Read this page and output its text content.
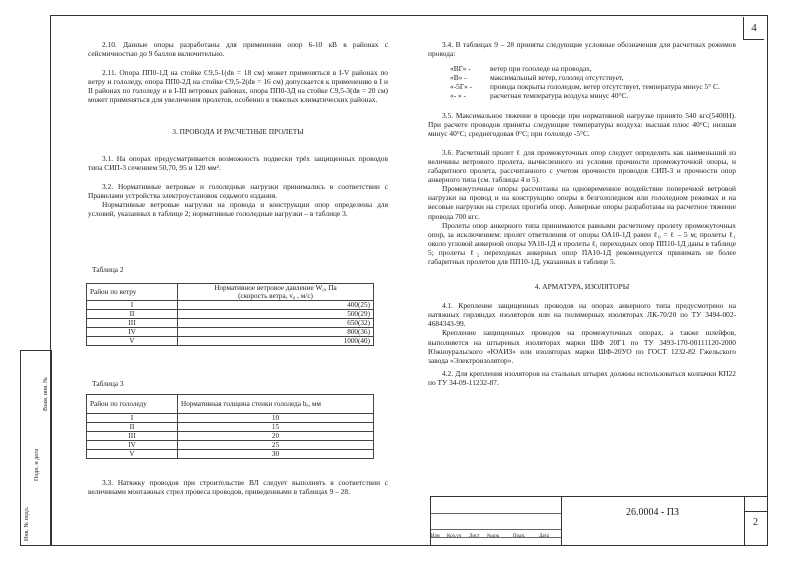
4
Инв. № подл.
Подп. и дата
Взам. инв. №

2.10. Данные опоры разработаны для применения опор 6-10 кВ в районах с сейсмичностью до 9 баллов включительно.

2.11. Опора ПП0-1Д на стойке С9,5-1(dв = 18 см) может применяться в I-V районах по ветру и гололеду, опора ПП0-2Д на стойке С9,5-2(dв = 16 см) допускается к применению в I и II районах по гололеду и в I-III ветровых районах, опора ПП0-3Д на стойке С9,5-3(dв = 20 см) может применяться для увеличения пролетов, особенно в тяжелых климатических районах.

3. ПРОВОДА И РАСЧЕТНЫЕ ПРОЛЕТЫ

3.1. На опорах предусматривается возможность подвески трёх защищенных проводов типа СИП-3 сечением 50,70, 95 и 120 мм².

3.2. Нормативные ветровые и гололедные нагрузки принимались в соответствии с Правилами устройства электроустановок седьмого издания.

Нормативные ветровые нагрузки на провода и конструкции опор определены для условий, указанных в таблице 2; нормативные гололедные нагрузки – в таблице 3.

Таблица 2
Район по ветру	Нормативное ветровое давление W₀, Па
	(скорость ветра, v₀ , м/с)
I	400(25)
II	500(29)
III	650(32)
IV	800(36)
V	1000(40)
Таблица 3
Район по гололеду	Нормативная толщина стенки гололеда bₑ, мм
I	10
II	15
III	20
IV	25
V	30

3.3. Натяжку проводов при строительстве ВЛ следует выполнять в соответствии с величинами монтажных стрел провеса проводов, приведенными в таблицах 9 – 28.

3.4. В таблицах 9 – 28 приняты следующие условные обозначения для расчетных режимов провода:

«ВГ» -	ветер при гололеде на проводах,
«В» -	максимальный ветер, гололед отсутствует,
«-5Г» -	провода покрыты гололедом, ветер отсутствует, температура минус 5° С.
«- » -	расчетная температура воздуха минус 40°С.

3.5. Максимальное тяжение в проводе при нормативной нагрузке принято 540 кгс(5400Н). При расчете проводов приняты следующие температуры воздуха: высшая плюс 40°С; низшая минус 40°С; среднегодовая 0°С; при гололеде -5°С.

3.6. Расчетный пролет ℓ для промежуточных опор следует определять как наименьший из величины ветрового пролета, вычисленного из условия прочности промежуточной опоры, и габаритного пролета, рассчитанного с учетом прочности проводов СИП-3 и прочности опор анкерного типа (см. таблицы 4 и 5).

Промежуточные опоры рассчитаны на одновременное воздействие поперечной ветровой нагрузки на провод и на конструкцию опоры в безгололедном или гололедном режимах и на весовые нагрузки на стрелах прогиба опор. Анкерные опоры разработаны на расчетное тяжение провода 700 кгс.

Пролеты опор анкерного типа принимаются равными расчетному пролету промежуточных опор, за исключением: пролет ответвления от опоры ОА10-1Д равен ℓ₀ = ℓ – 5 м; пролеты ℓ₁ около угловой анкерной опоры УА10-1Д и пролеты ℓ₁ переходных опор ПП10-1Д даны в таблице 5; пролеты ℓ₂ переходных анкерных опор ПА10-1Д рекомендуется принимать не более габаритных пролетов для ПП10-1Д, указанных в таблице 5.

4. АРМАТУРА, ИЗОЛЯТОРЫ

4.1. Крепление защищенных проводов на опорах анкерного типа предусмотрено на натяжных гирляндах изоляторов или на полимерных изоляторах ЛК-70/20 по ТУ 3494-002-4684343-99.

Крепление защищенных проводов на промежуточных опорах, а также шлейфов, выполняется на штыревых изоляторах марки ШФ 20Г1 по ТУ 3493-170-00111120-2000 Южноуральского «ЮАИЗ» или изоляторах марки ШФ-20УО по ГОСТ 1232-82 Гжельского завода «Электроизолятор».

4.2. Для крепления изоляторов на стальных штырях должны использоваться колпачки КП22 по ТУ 34-09-11232-87.

Изм	Кол.уч	Лист	№док	Подп.	Дата
26.0004 - ПЗ
2
